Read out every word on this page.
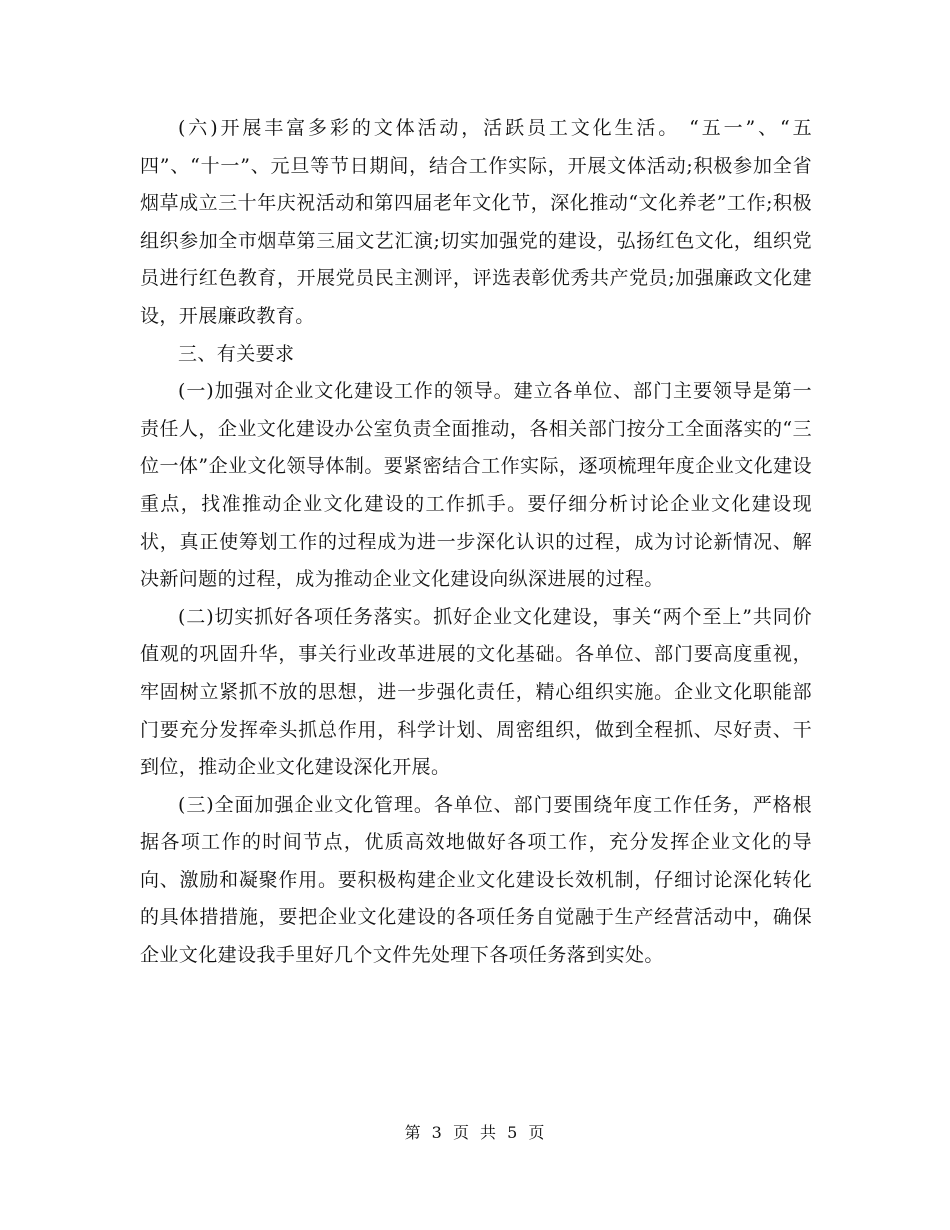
(六)开展丰富多彩的文体活动，活跃员工文化生活。 “五一”、“五四”、“十一”、元旦等节日期间，结合工作实际，开展文体活动;积极参加全省烟草成立三十年庆祝活动和第四届老年文化节，深化推动“文化养老”工作;积极组织参加全市烟草第三届文艺汇演;切实加强党的建设，弘扬红色文化，组织党员进行红色教育，开展党员民主测评，评选表彰优秀共产党员;加强廉政文化建设，开展廉政教育。

三、有关要求

(一)加强对企业文化建设工作的领导。建立各单位、部门主要领导是第一责任人，企业文化建设办公室负责全面推动，各相关部门按分工全面落实的“三位一体”企业文化领导体制。要紧密结合工作实际，逐项梳理年度企业文化建设重点，找准推动企业文化建设的工作抓手。要仔细分析讨论企业文化建设现状，真正使筹划工作的过程成为进一步深化认识的过程，成为讨论新情况、解决新问题的过程，成为推动企业文化建设向纵深进展的过程。

(二)切实抓好各项任务落实。抓好企业文化建设，事关“两个至上”共同价值观的巩固升华，事关行业改革进展的文化基础。各单位、部门要高度重视，牢固树立紧抓不放的思想，进一步强化责任，精心组织实施。企业文化职能部门要充分发挥牵头抓总作用，科学计划、周密组织，做到全程抓、尽好责、干到位，推动企业文化建设深化开展。

(三)全面加强企业文化管理。各单位、部门要围绕年度工作任务，严格根据各项工作的时间节点，优质高效地做好各项工作，充分发挥企业文化的导向、激励和凝聚作用。要积极构建企业文化建设长效机制，仔细讨论深化转化的具体措措施，要把企业文化建设的各项任务自觉融于生产经营活动中，确保企业文化建设我手里好几个文件先处理下各项任务落到实处。

第 3 页 共 5 页
